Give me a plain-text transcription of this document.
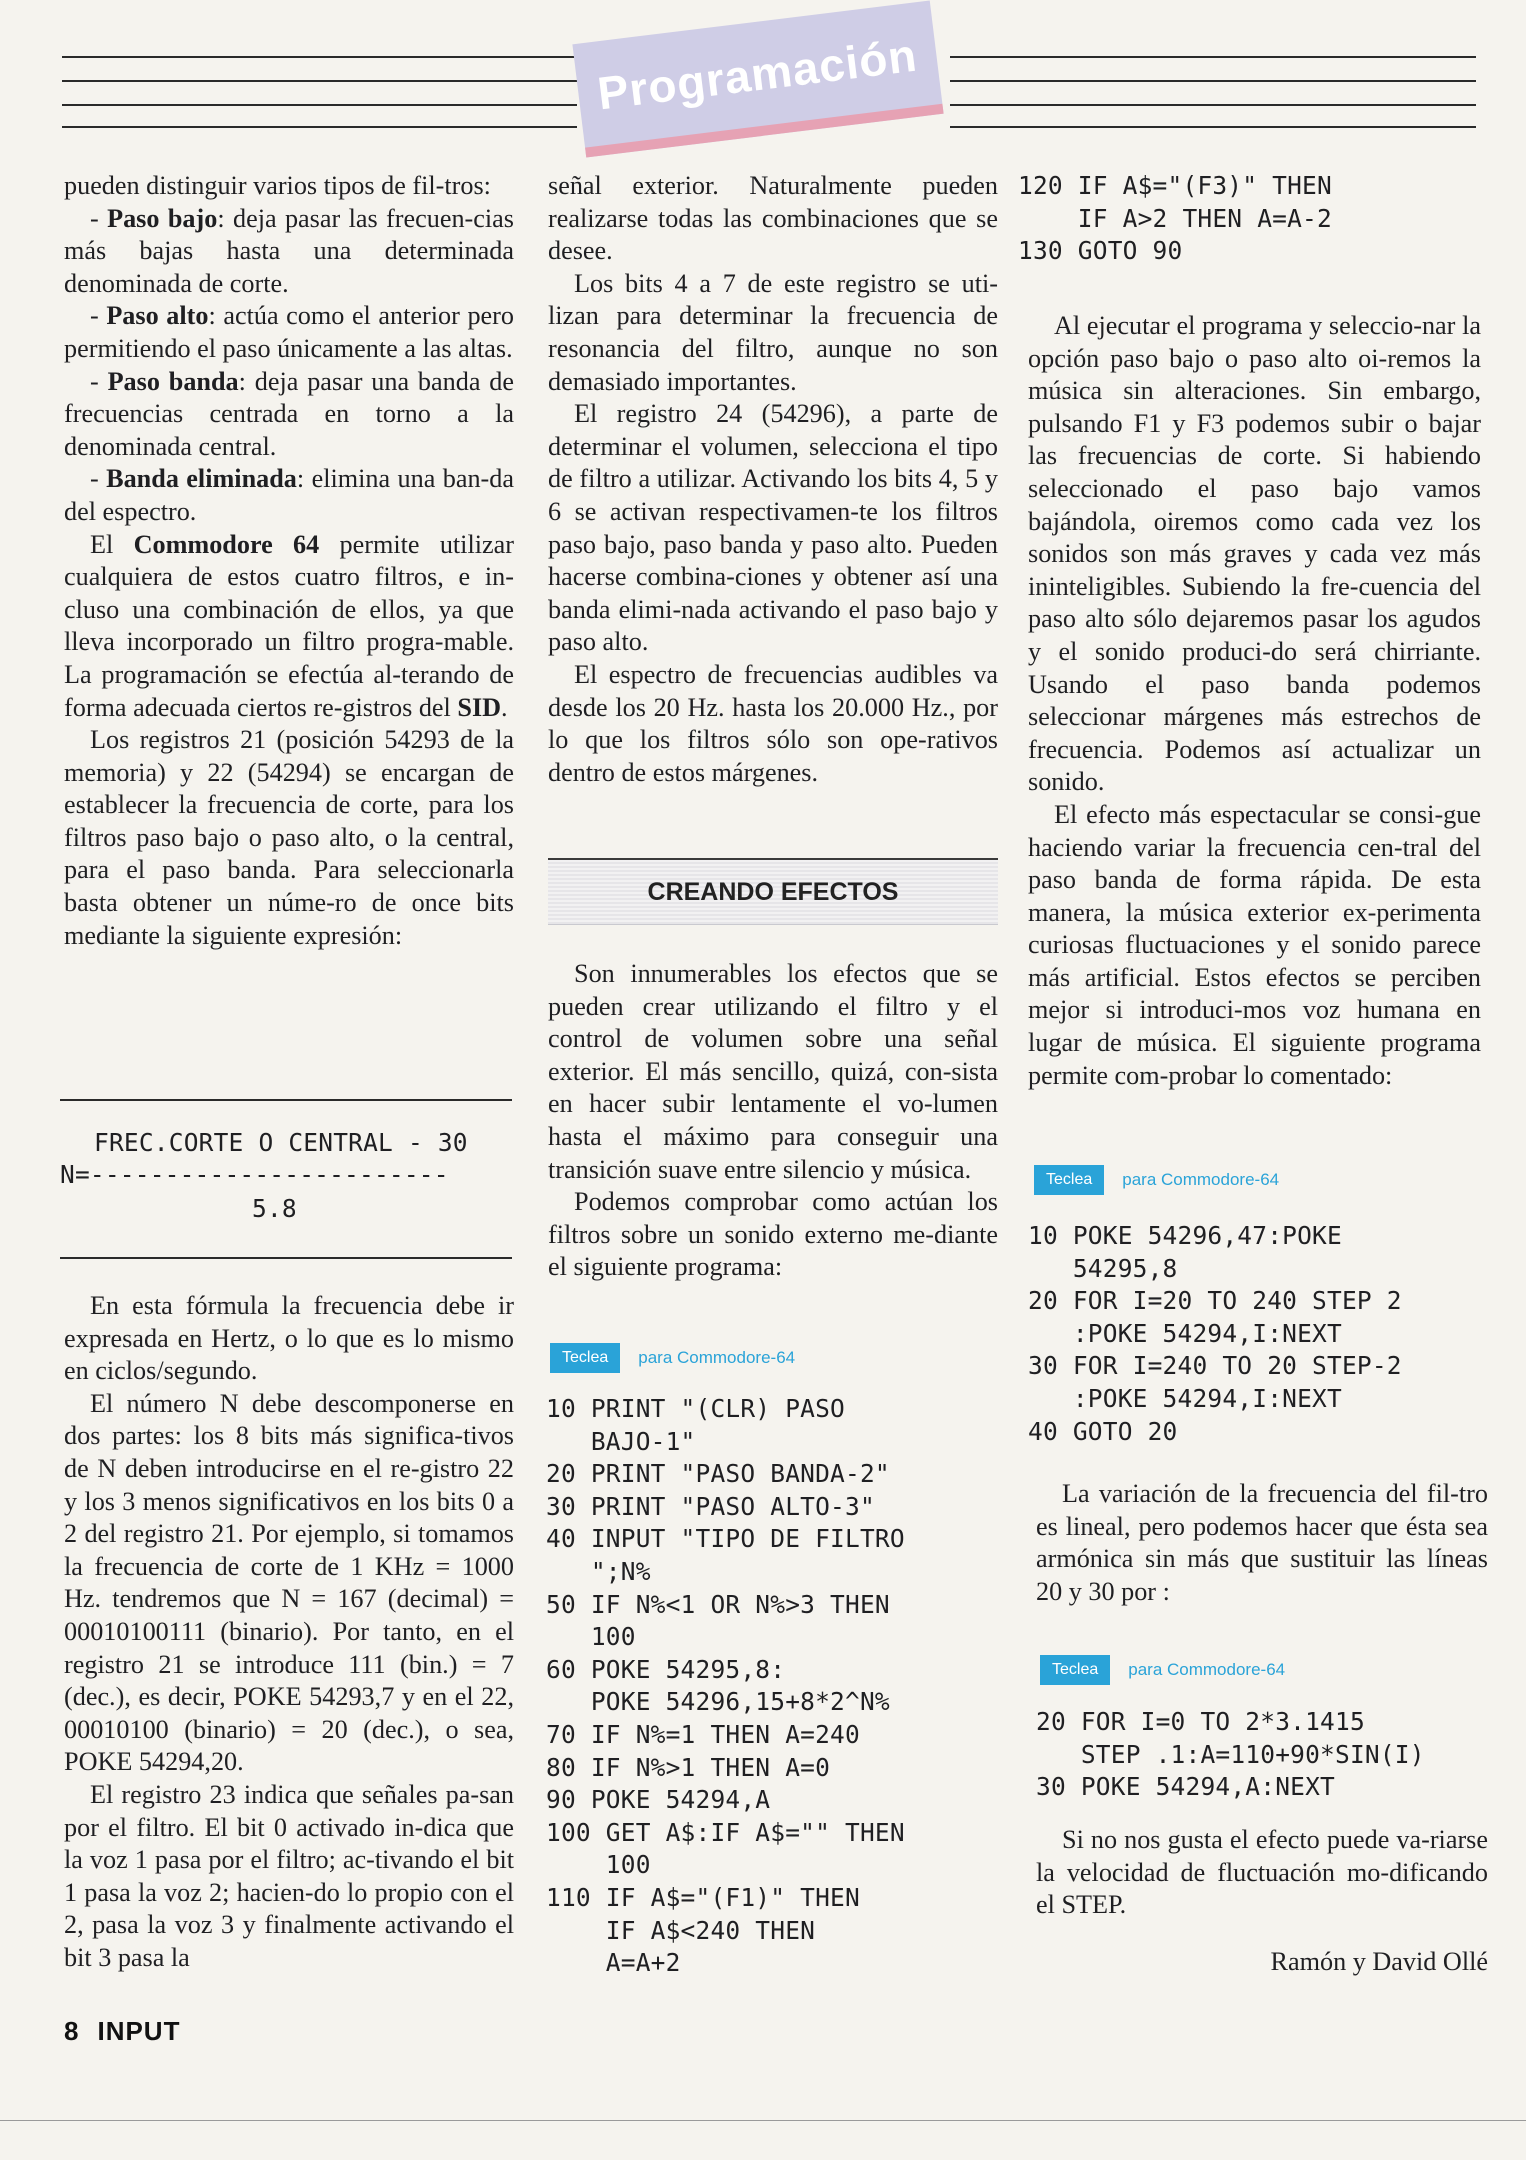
Programación

pueden distinguir varios tipos de fil-tros:

- Paso bajo: deja pasar las frecuen-cias más bajas hasta una determinada denominada de corte.

- Paso alto: actúa como el anterior pero permitiendo el paso únicamente a las altas.

- Paso banda: deja pasar una banda de frecuencias centrada en torno a la denominada central.

- Banda eliminada: elimina una ban-da del espectro.

El Commodore 64 permite utilizar cualquiera de estos cuatro filtros, e in-cluso una combinación de ellos, ya que lleva incorporado un filtro progra-mable. La programación se efectúa al-terando de forma adecuada ciertos re-gistros del SID.

Los registros 21 (posición 54293 de la memoria) y 22 (54294) se encargan de establecer la frecuencia de corte, para los filtros paso bajo o paso alto, o la central, para el paso banda. Para seleccionarla basta obtener un núme-ro de once bits mediante la siguiente expresión:

FREC.CORTE O CENTRAL - 30
N=------------------------
5.8

En esta fórmula la frecuencia debe ir expresada en Hertz, o lo que es lo mismo en ciclos/segundo.

El número N debe descomponerse en dos partes: los 8 bits más significa-tivos de N deben introducirse en el re-gistro 22 y los 3 menos significativos en los bits 0 a 2 del registro 21. Por ejemplo, si tomamos la frecuencia de corte de 1 KHz = 1000 Hz. tendremos que N = 167 (decimal) = 00010100111 (binario). Por tanto, en el registro 21 se introduce 111 (bin.) = 7 (dec.), es decir, POKE 54293,7 y en el 22, 00010100 (binario) = 20 (dec.), o sea, POKE 54294,20.

El registro 23 indica que señales pa-san por el filtro. El bit 0 activado in-dica que la voz 1 pasa por el filtro; ac-tivando el bit 1 pasa la voz 2; hacien-do lo propio con el 2, pasa la voz 3 y finalmente activando el bit 3 pasa la

señal exterior. Naturalmente pueden realizarse todas las combinaciones que se desee.

Los bits 4 a 7 de este registro se uti-lizan para determinar la frecuencia de resonancia del filtro, aunque no son demasiado importantes.

El registro 24 (54296), a parte de determinar el volumen, selecciona el tipo de filtro a utilizar. Activando los bits 4, 5 y 6 se activan respectivamen-te los filtros paso bajo, paso banda y paso alto. Pueden hacerse combina-ciones y obtener así una banda elimi-nada activando el paso bajo y paso alto.

El espectro de frecuencias audibles va desde los 20 Hz. hasta los 20.000 Hz., por lo que los filtros sólo son ope-rativos dentro de estos márgenes.

CREANDO EFECTOS

Son innumerables los efectos que se pueden crear utilizando el filtro y el control de volumen sobre una señal exterior. El más sencillo, quizá, con-sista en hacer subir lentamente el vo-lumen hasta el máximo para conseguir una transición suave entre silencio y música.

Podemos comprobar como actúan los filtros sobre un sonido externo me-diante el siguiente programa:

Teclea	para Commodore-64
10 PRINT "(CLR) PASO
BAJO-1"
20 PRINT "PASO BANDA-2"
30 PRINT "PASO ALTO-3"
40 INPUT "TIPO DE FILTRO
";N%
50 IF N%<1 OR N%>3 THEN
100
60 POKE 54295,8:
POKE 54296,15+8*2^N%
70 IF N%=1 THEN A=240
80 IF N%>1 THEN A=0
90 POKE 54294,A
100 GET A$:IF A$="" THEN
100
110 IF A$="(F1)" THEN
IF A$<240 THEN
A=A+2
120 IF A$="(F3)" THEN
IF A>2 THEN A=A-2
130 GOTO 90

Al ejecutar el programa y seleccio-nar la opción paso bajo o paso alto oi-remos la música sin alteraciones. Sin embargo, pulsando F1 y F3 podemos subir o bajar las frecuencias de corte. Si habiendo seleccionado el paso bajo vamos bajándola, oiremos como cada vez los sonidos son más graves y cada vez más ininteligibles. Subiendo la fre-cuencia del paso alto sólo dejaremos pasar los agudos y el sonido produci-do será chirriante. Usando el paso banda podemos seleccionar márgenes más estrechos de frecuencia. Podemos así actualizar un sonido.

El efecto más espectacular se consi-gue haciendo variar la frecuencia cen-tral del paso banda de forma rápida. De esta manera, la música exterior ex-perimenta curiosas fluctuaciones y el sonido parece más artificial. Estos efectos se perciben mejor si introduci-mos voz humana en lugar de música. El siguiente programa permite com-probar lo comentado:

Teclea	para Commodore-64
10 POKE 54296,47:POKE
54295,8
20 FOR I=20 TO 240 STEP 2
:POKE 54294,I:NEXT
30 FOR I=240 TO 20 STEP-2
:POKE 54294,I:NEXT
40 GOTO 20

La variación de la frecuencia del fil-tro es lineal, pero podemos hacer que ésta sea armónica sin más que sustituir las líneas 20 y 30 por :

Teclea	para Commodore-64
20 FOR I=0 TO 2*3.1415
STEP .1:A=110+90*SIN(I)
30 POKE 54294,A:NEXT

Si no nos gusta el efecto puede va-riarse la velocidad de fluctuación mo-dificando el STEP.

Ramón y David Ollé

8 INPUT
